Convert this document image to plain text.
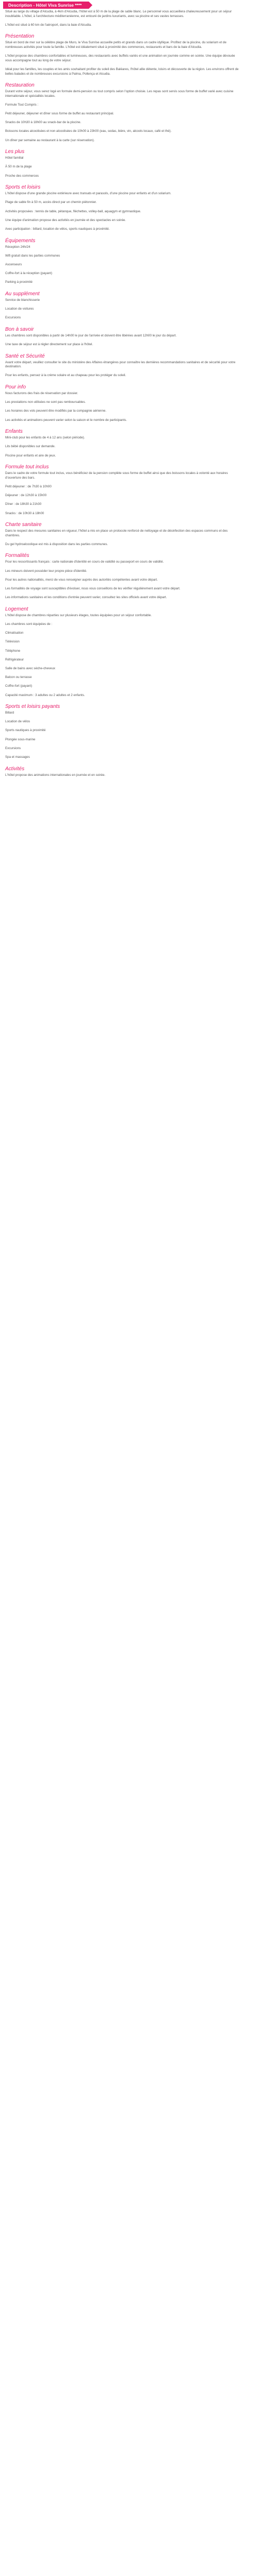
Description - Hôtel Viva Sunrise ****

Situé au large du village d'Alcudia, à 4km d'Alcudia, l'hôtel est à 50 m de la plage de sable blanc. Le personnel vous accueillera chaleureusement pour un séjour inoubliable. L'hôtel, à l'architecture méditerranéenne, est entouré de jardins luxuriants, avec sa piscine et ses vastes terrasses.

L'hôtel est situé à 60 km de l'aéroport, dans la baie d'Alcudia.

Présentation

Situé en bord de mer sur la célèbre plage de Muro, le Viva Sunrise accueille petits et grands dans un cadre idyllique. Profitez de la piscine, du solarium et de nombreuses activités pour toute la famille. L'hôtel est idéalement situé à proximité des commerces, restaurants et bars de la baie d'Alcudia.

L'hôtel propose des chambres confortables et lumineuses, des restaurants avec buffets variés et une animation en journée comme en soirée. Une équipe dévouée vous accompagne tout au long de votre séjour.

Idéal pour les familles, les couples et les amis souhaitant profiter du soleil des Baléares, l'hôtel allie détente, loisirs et découverte de la région. Les environs offrent de belles balades et de nombreuses excursions à Palma, Pollença et Alcudia.

Restauration

Durant votre séjour, vous serez logé en formule demi-pension ou tout compris selon l'option choisie. Les repas sont servis sous forme de buffet varié avec cuisine internationale et spécialités locales.

Formule Tout Compris :

Petit déjeuner, déjeuner et dîner sous forme de buffet au restaurant principal.

Snacks de 10h30 à 18h00 au snack-bar de la piscine.

Boissons locales alcoolisées et non alcoolisées de 10h00 à 23h00 (eau, sodas, bière, vin, alcools locaux, café et thé).

Un dîner par semaine au restaurant à la carte (sur réservation).

Les plus

Hôtel familial

À 50 m de la plage

Proche des commerces

Sports et loisirs

L'hôtel dispose d'une grande piscine extérieure avec transats et parasols, d'une piscine pour enfants et d'un solarium.

Plage de sable fin à 50 m, accès direct par un chemin piétonnier.

Activités proposées : tennis de table, pétanque, fléchettes, volley-ball, aquagym et gymnastique.

Une équipe d'animation propose des activités en journée et des spectacles en soirée.

Avec participation : billard, location de vélos, sports nautiques à proximité.

Équipements

Réception 24h/24

Wifi gratuit dans les parties communes

Ascenseurs

Coffre-fort à la réception (payant)

Parking à proximité

Au supplément

Service de blanchisserie

Location de voitures

Excursions

Bon à savoir

Les chambres sont disponibles à partir de 14h00 le jour de l'arrivée et doivent être libérées avant 12h00 le jour du départ.

Une taxe de séjour est à régler directement sur place à l'hôtel.

Santé et Sécurité

Avant votre départ, veuillez consulter le site du ministère des Affaires étrangères pour connaître les dernières recommandations sanitaires et de sécurité pour votre destination.

Pour les enfants, pensez à la crème solaire et au chapeau pour les protéger du soleil.

Pour info

Nous facturons des frais de réservation par dossier.

Les prestations non utilisées ne sont pas remboursables.

Les horaires des vols peuvent être modifiés par la compagnie aérienne.

Les activités et animations peuvent varier selon la saison et le nombre de participants.

Enfants

Mini-club pour les enfants de 4 à 12 ans (selon période).

Lits bébé disponibles sur demande.

Piscine pour enfants et aire de jeux.

Formule tout inclus

Dans le cadre de votre formule tout inclus, vous bénéficiez de la pension complète sous forme de buffet ainsi que des boissons locales à volonté aux horaires d'ouverture des bars.

Petit déjeuner : de 7h30 à 10h00

Déjeuner : de 12h30 à 15h00

Dîner : de 18h30 à 21h30

Snacks : de 10h30 à 18h00

Charte sanitaire

Dans le respect des mesures sanitaires en vigueur, l'hôtel a mis en place un protocole renforcé de nettoyage et de désinfection des espaces communs et des chambres.

Du gel hydroalcoolique est mis à disposition dans les parties communes.

Formalités

Pour les ressortissants français : carte nationale d'identité en cours de validité ou passeport en cours de validité.

Les mineurs doivent posséder leur propre pièce d'identité.

Pour les autres nationalités, merci de vous renseigner auprès des autorités compétentes avant votre départ.

Les formalités de voyage sont susceptibles d'évoluer, nous vous conseillons de les vérifier régulièrement avant votre départ.

Les informations sanitaires et les conditions d'entrée peuvent varier, consultez les sites officiels avant votre départ.

Logement

L'hôtel dispose de chambres réparties sur plusieurs étages, toutes équipées pour un séjour confortable.

Les chambres sont équipées de :

Climatisation

Télévision

Téléphone

Réfrigérateur

Salle de bains avec sèche-cheveux

Balcon ou terrasse

Coffre-fort (payant)

Capacité maximum : 3 adultes ou 2 adultes et 2 enfants.

Sports et loisirs payants

Billard

Location de vélos

Sports nautiques à proximité

Plongée sous-marine

Excursions

Spa et massages

Activités

L'hôtel propose des animations internationales en journée et en soirée.
